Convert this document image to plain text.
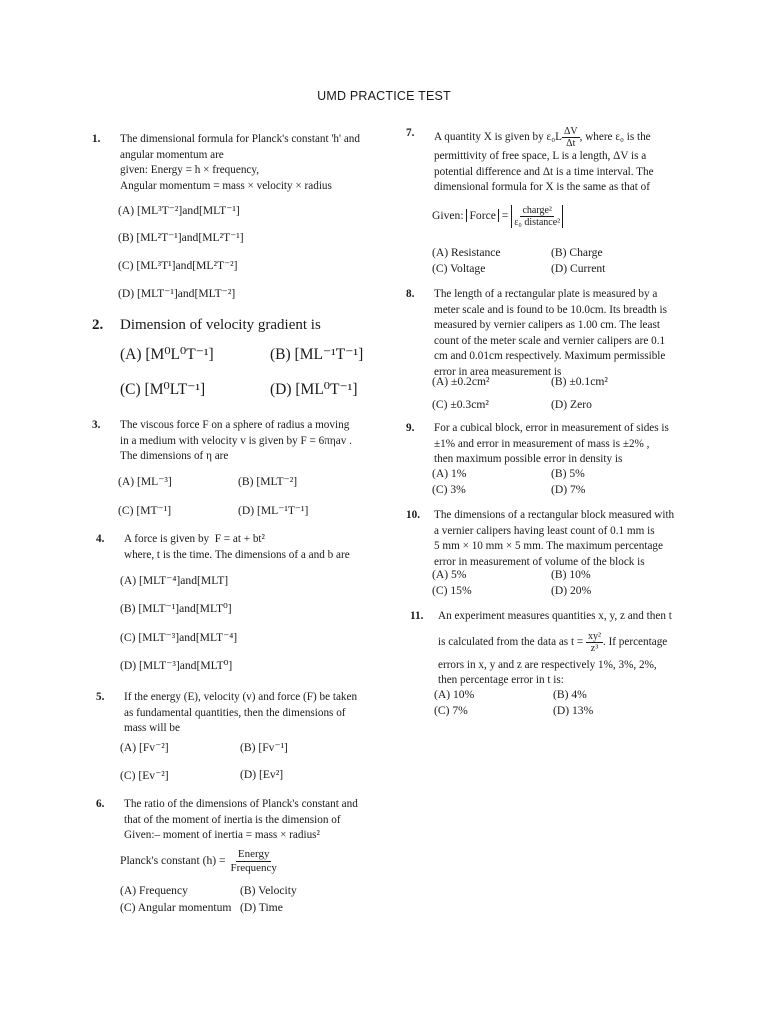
UMD PRACTICE TEST
1. The dimensional formula for Planck's constant 'h' and
angular momentum are
given: Energy = h × frequency,
Angular momentum = mass × velocity × radius
(A) [ML³T⁻²]and[MLT⁻¹]
(B) [ML²T⁻¹]and[ML²T⁻¹]
(C) [ML³T¹]and[ML²T⁻²]
(D) [MLT⁻¹]and[MLT⁻²]
2. Dimension of velocity gradient is
(A) [M⁰L⁰T⁻¹]	(B) [ML⁻¹T⁻¹]
(C) [M⁰LT⁻¹]	(D) [ML⁰T⁻¹]
3. The viscous force F on a sphere of radius a moving
in a medium with velocity v is given by F = 6πηav .
The dimensions of η are
(A) [ML⁻³]	(B) [MLT⁻²]
(C) [MT⁻¹]	(D) [ML⁻¹T⁻¹]
4. A force is given by F = at + bt²
where, t is the time. The dimensions of a and b are
(A) [MLT⁻⁴]and[MLT]
(B) [MLT⁻¹]and[MLT⁰]
(C) [MLT⁻³]and[MLT⁻⁴]
(D) [MLT⁻³]and[MLT⁰]
5. If the energy (E), velocity (v) and force (F) be taken
as fundamental quantities, then the dimensions of
mass will be
(A) [Fv⁻²]	(B) [Fv⁻¹]
(C) [Ev⁻²]	(D) [Ev²]
6. The ratio of the dimensions of Planck's constant and
that of the moment of inertia is the dimension of
Given:– moment of inertia = mass × radius²
Planck's constant $(h) = \frac{\text{Energy}}{\text{Frequency}}$
(A) Frequency	(B) Velocity
(C) Angular momentum (D) Time
7. A quantity X is given by $\varepsilon_0L \frac{\Delta V}{\Delta t}$ , where ε₀ is the
permittivity of free space, L is a length, ΔV is a
potential difference and Δt is a time interval. The
dimensional formula for X is the same as that of
Given: Force = $\frac{\text{charge²}}{\text{ε₀ distance²}}$
(A) Resistance	(B) Charge
(C) Voltage	(D) Current
8. The length of a rectangular plate is measured by a
meter scale and is found to be 10.0cm. Its breadth is
measured by vernier calipers as 1.00 cm. The least
count of the meter scale and vernier calipers are 0.1
cm and 0.01cm respectively. Maximum permissible
error in area measurement is
(A) ±0.2cm²	(B) ±0.1cm²
(C) ±0.3cm²	(D) Zero
9. For a cubical block, error in measurement of sides is
±1% and error in measurement of mass is ±2% ,
then maximum possible error in density is
(A) 1%	(B) 5%
(C) 3%	(D) 7%
10. The dimensions of a rectangular block measured with
a vernier calipers having least count of 0.1 mm is
5 mm × 10 mm × 5 mm. The maximum percentage
error in measurement of volume of the block is
(A) 5%	(B) 10%
(C) 15%	(D) 20%
11. An experiment measures quantities x, y, z and then t
is calculated from the data as $t = \frac{\text{xy²}}{\text{z³}}$ . If percentage
errors in x, y and z are respectively 1%, 3%, 2%,
then percentage error in t is:
(A) 10%	(B) 4%
(C) 7%	(D) 13%
